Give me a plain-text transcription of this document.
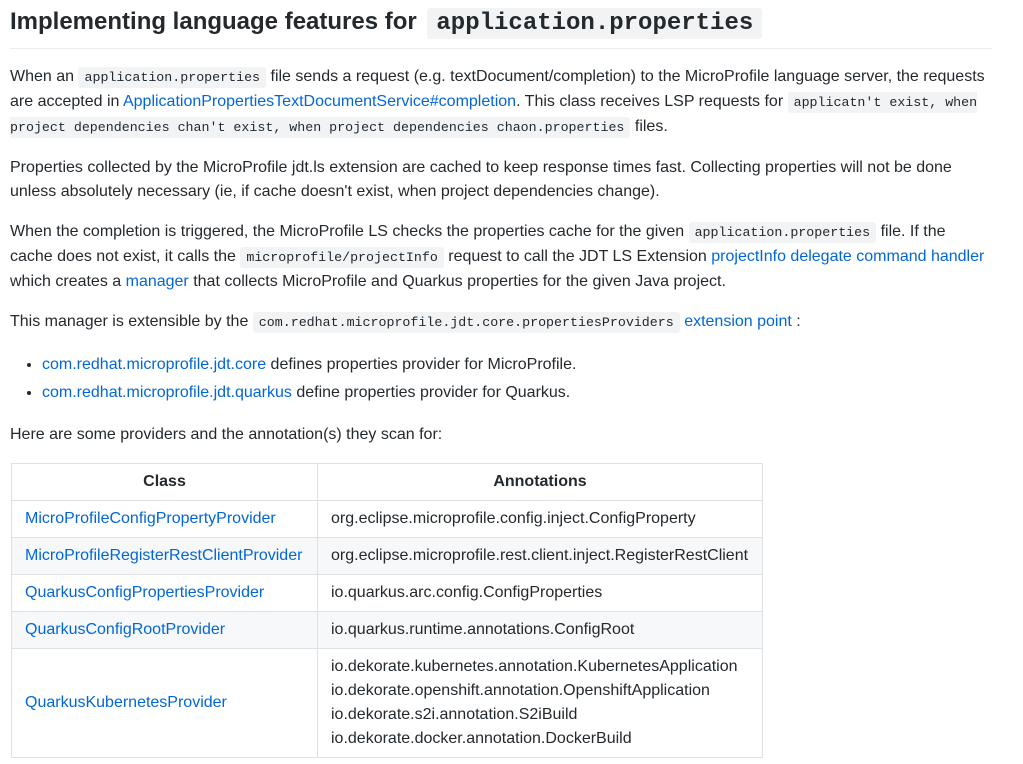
Implementing language features for application.properties

When an application.properties file sends a request (e.g. textDocument/completion) to the MicroProfile language server, the requests are accepted in ApplicationPropertiesTextDocumentService#completion. This class receives LSP requests for applicatn't exist, when project dependencies chan't exist, when project dependencies chaon.properties files.

Properties collected by the MicroProfile jdt.ls extension are cached to keep response times fast. Collecting properties will not be done unless absolutely necessary (ie, if cache doesn't exist, when project dependencies change).

When the completion is triggered, the MicroProfile LS checks the properties cache for the given application.properties file. If the cache does not exist, it calls the microprofile/projectInfo request to call the JDT LS Extension projectInfo delegate command handler which creates a manager that collects MicroProfile and Quarkus properties for the given Java project.

This manager is extensible by the com.redhat.microprofile.jdt.core.propertiesProviders extension point :

• com.redhat.microprofile.jdt.core defines properties provider for MicroProfile.
• com.redhat.microprofile.jdt.quarkus define properties provider for Quarkus.

Here are some providers and the annotation(s) they scan for:

Class	Annotations
MicroProfileConfigPropertyProvider	org.eclipse.microprofile.config.inject.ConfigProperty

MicroProfileRegisterRestClientProvider	org.eclipse.microprofile.rest.client.inject.RegisterRestClient

QuarkusConfigPropertiesProvider	io.quarkus.arc.config.ConfigProperties

QuarkusConfigRootProvider	io.quarkus.runtime.annotations.ConfigRoot

QuarkusKubernetesProvider	io.dekorate.kubernetes.annotation.KubernetesApplication
io.dekorate.openshift.annotation.OpenshiftApplication
io.dekorate.s2i.annotation.S2iBuild
io.dekorate.docker.annotation.DockerBuild
